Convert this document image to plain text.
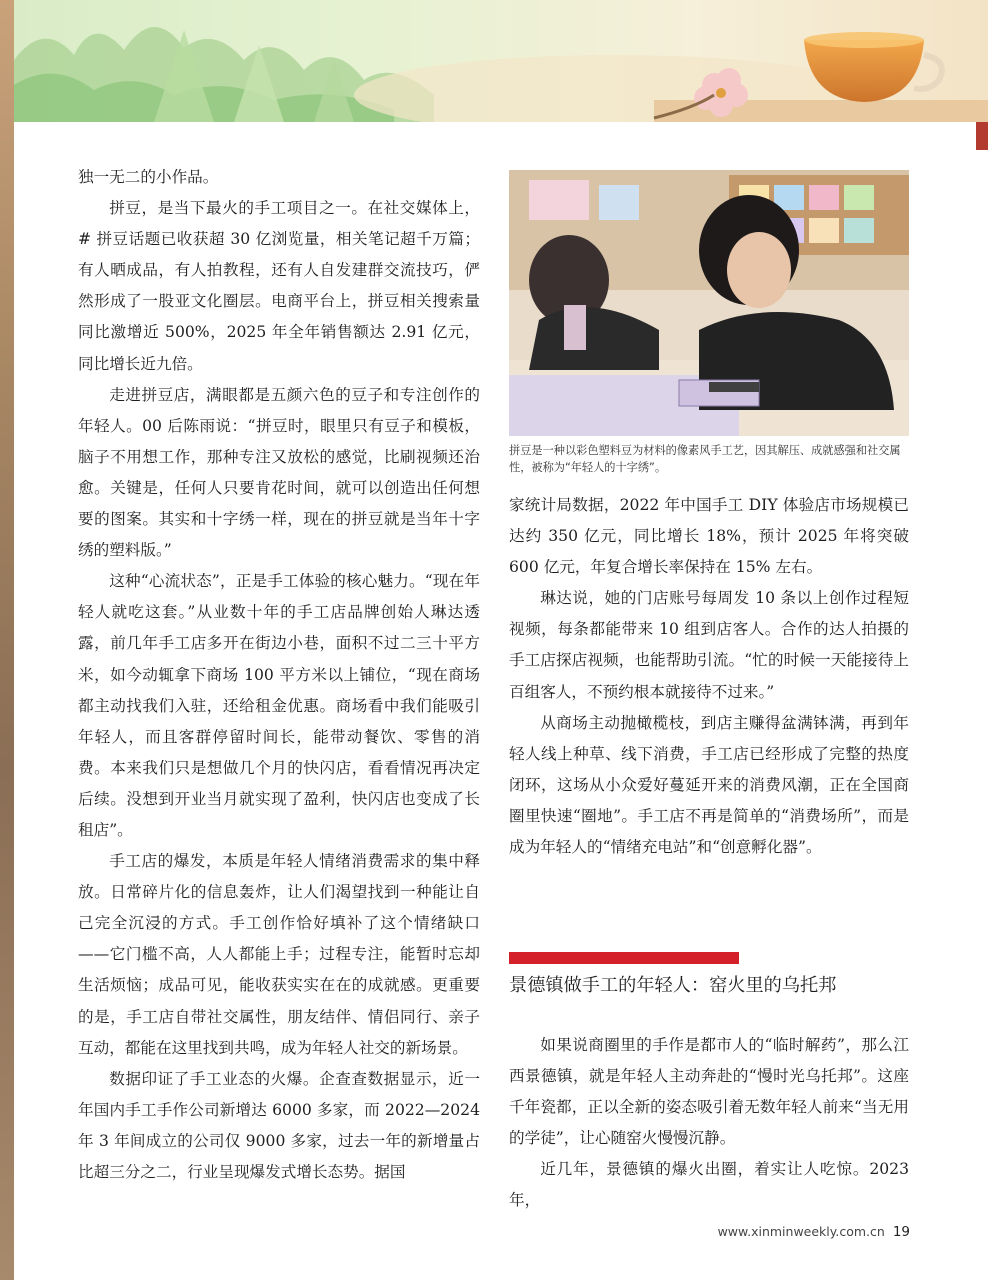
独一无二的小作品。

拼豆，是当下最火的手工项目之一。在社交媒体上，# 拼豆话题已收获超 30 亿浏览量，相关笔记超千万篇；有人晒成品，有人拍教程，还有人自发建群交流技巧，俨然形成了一股亚文化圈层。电商平台上，拼豆相关搜索量同比激增近 500%，2025 年全年销售额达 2.91 亿元，同比增长近九倍。

走进拼豆店，满眼都是五颜六色的豆子和专注创作的年轻人。00 后陈雨说：“拼豆时，眼里只有豆子和模板，脑子不用想工作，那种专注又放松的感觉，比刷视频还治愈。关键是，任何人只要肯花时间，就可以创造出任何想要的图案。其实和十字绣一样，现在的拼豆就是当年十字绣的塑料版。”

这种“心流状态”，正是手工体验的核心魅力。“现在年轻人就吃这套。”从业数十年的手工店品牌创始人琳达透露，前几年手工店多开在街边小巷，面积不过二三十平方米，如今动辄拿下商场 100 平方米以上铺位，“现在商场都主动找我们入驻，还给租金优惠。商场看中我们能吸引年轻人，而且客群停留时间长，能带动餐饮、零售的消费。本来我们只是想做几个月的快闪店，看看情况再决定后续。没想到开业当月就实现了盈利，快闪店也变成了长租店”。

手工店的爆发，本质是年轻人情绪消费需求的集中释放。日常碎片化的信息轰炸，让人们渴望找到一种能让自己完全沉浸的方式。手工创作恰好填补了这个情绪缺口——它门槛不高，人人都能上手；过程专注，能暂时忘却生活烦恼；成品可见，能收获实实在在的成就感。更重要的是，手工店自带社交属性，朋友结伴、情侣同行、亲子互动，都能在这里找到共鸣，成为年轻人社交的新场景。

数据印证了手工业态的火爆。企查查数据显示，近一年国内手工手作公司新增达 6000 多家，而 2022—2024 年 3 年间成立的公司仅 9000 多家，过去一年的新增量占比超三分之二，行业呈现爆发式增长态势。据国

拼豆是一种以彩色塑料豆为材料的像素风手工艺，因其解压、成就感强和社交属性，被称为“年轻人的十字绣”。

家统计局数据，2022 年中国手工 DIY 体验店市场规模已达约 350 亿元，同比增长 18%，预计 2025 年将突破 600 亿元，年复合增长率保持在 15% 左右。

琳达说，她的门店账号每周发 10 条以上创作过程短视频，每条都能带来 10 组到店客人。合作的达人拍摄的手工店探店视频，也能帮助引流。“忙的时候一天能接待上百组客人，不预约根本就接待不过来。”

从商场主动抛橄榄枝，到店主赚得盆满钵满，再到年轻人线上种草、线下消费，手工店已经形成了完整的热度闭环，这场从小众爱好蔓延开来的消费风潮，正在全国商圈里快速“圈地”。手工店不再是简单的“消费场所”，而是成为年轻人的“情绪充电站”和“创意孵化器”。

景德镇做手工的年轻人：窑火里的乌托邦

如果说商圈里的手作是都市人的“临时解药”，那么江西景德镇，就是年轻人主动奔赴的“慢时光乌托邦”。这座千年瓷都，正以全新的姿态吸引着无数年轻人前来“当无用的学徒”，让心随窑火慢慢沉静。

近几年，景德镇的爆火出圈，着实让人吃惊。2023 年，

www.xinminweekly.com.cn 19
